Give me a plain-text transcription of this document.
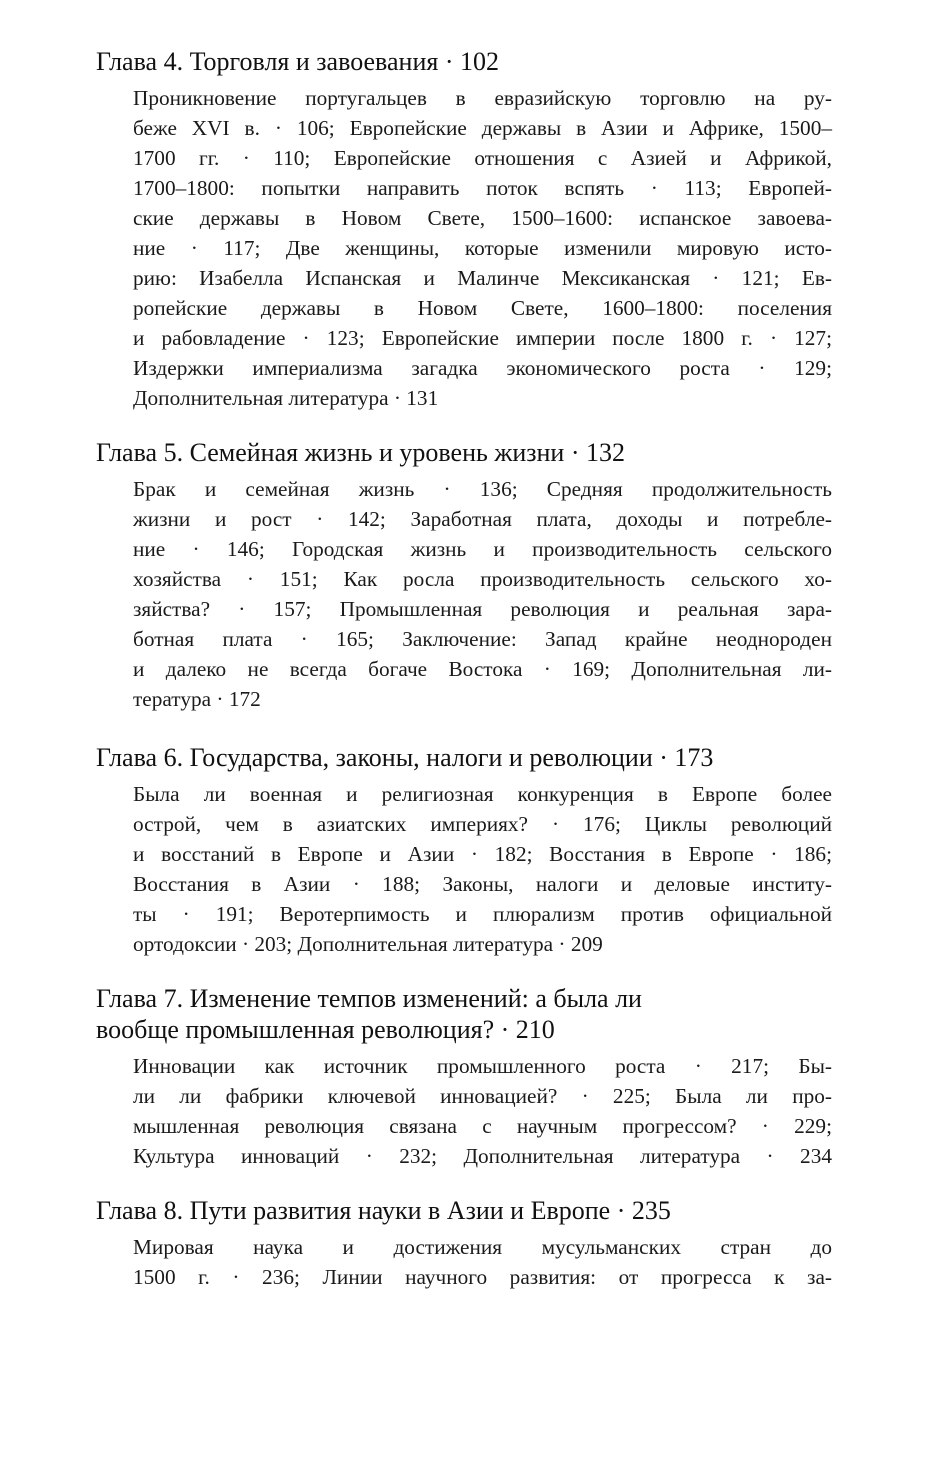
Глава 4. Торговля и завоевания · 102
Проникновение португальцев в евразийскую торговлю на ру-
беже XVI в. · 106; Европейские державы в Азии и Африке, 1500–
1700 гг. · 110; Европейские отношения с Азией и Африкой,
1700–1800: попытки направить поток вспять · 113; Европей-
ские державы в Новом Свете, 1500–1600: испанское завоева-
ние · 117; Две женщины, которые изменили мировую исто-
рию: Изабелла Испанская и Малинче Мексиканская · 121; Ев-
ропейские державы в Новом Свете, 1600–1800: поселения
и рабовладение · 123; Европейские империи после 1800 г. · 127;
Издержки империализма загадка экономического роста · 129;
Дополнительная литература · 131
Глава 5. Семейная жизнь и уровень жизни · 132
Брак и семейная жизнь · 136; Средняя продолжительность
жизни и рост · 142; Заработная плата, доходы и потребле-
ние · 146; Городская жизнь и производительность сельского
хозяйства · 151; Как росла производительность сельского хо-
зяйства? · 157; Промышленная революция и реальная зара-
ботная плата · 165; Заключение: Запад крайне неоднороден
и далеко не всегда богаче Востока · 169; Дополнительная ли-
тература · 172
Глава 6. Государства, законы, налоги и революции · 173
Была ли военная и религиозная конкуренция в Европе более
острой, чем в азиатских империях? · 176; Циклы революций
и восстаний в Европе и Азии · 182; Восстания в Европе · 186;
Восстания в Азии · 188; Законы, налоги и деловые институ-
ты · 191; Веротерпимость и плюрализм против официальной
ортодоксии · 203; Дополнительная литература · 209
Глава 7. Изменение темпов изменений: а была ли
вообще промышленная революция? · 210
Инновации как источник промышленного роста · 217; Бы-
ли ли фабрики ключевой инновацией? · 225; Была ли про-
мышленная революция связана с научным прогрессом? · 229;
Культура инноваций · 232; Дополнительная литература · 234
Глава 8. Пути развития науки в Азии и Европе · 235
Мировая наука и достижения мусульманских стран до
1500 г. · 236; Линии научного развития: от прогресса к за-
